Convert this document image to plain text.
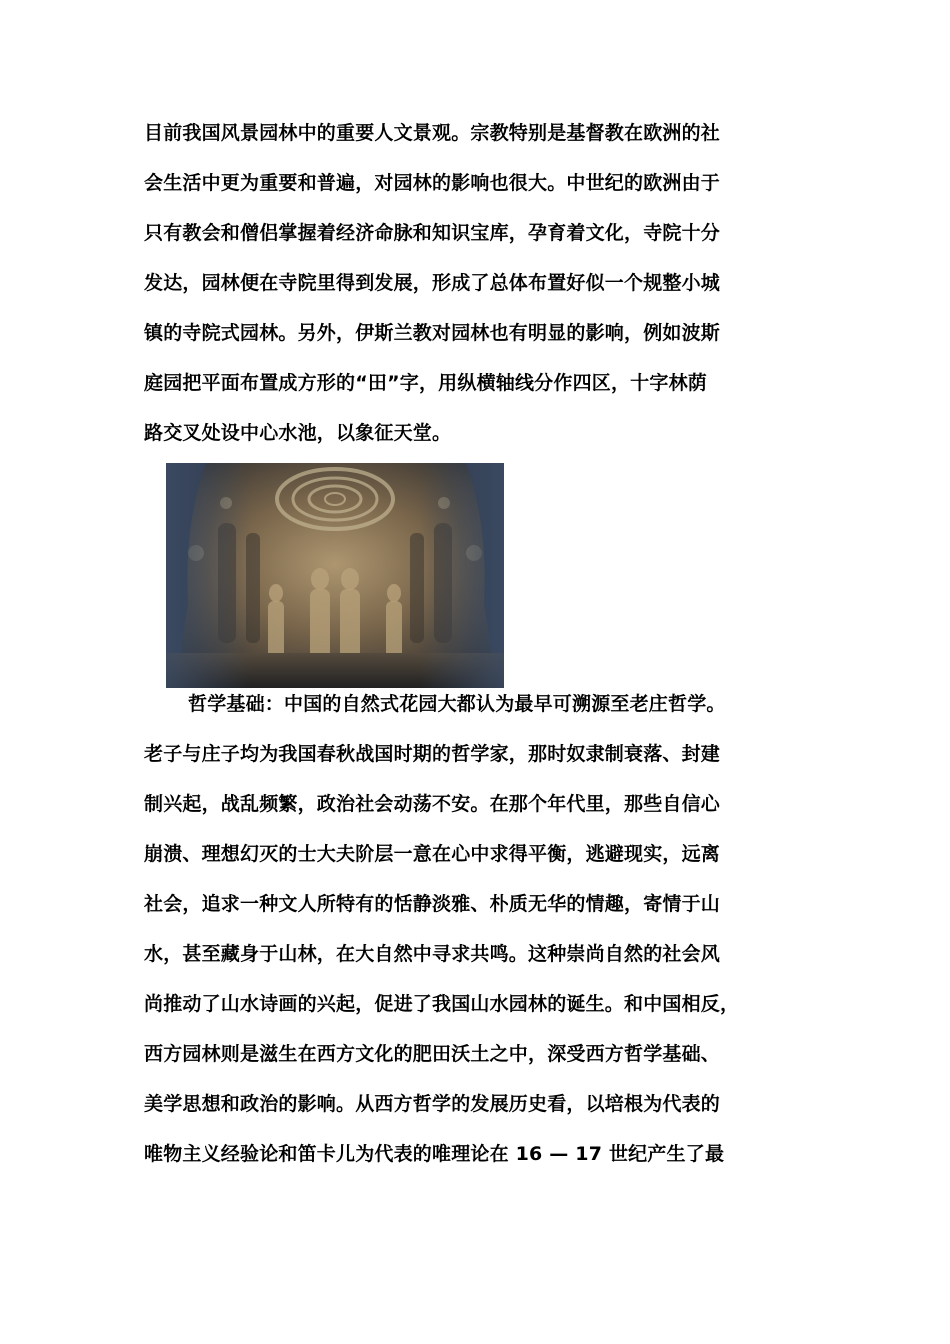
目前我国风景园林中的重要人文景观。宗教特别是基督教在欧洲的社
会生活中更为重要和普遍，对园林的影响也很大。中世纪的欧洲由于
只有教会和僧侣掌握着经济命脉和知识宝库，孕育着文化，寺院十分
发达，园林便在寺院里得到发展，形成了总体布置好似一个规整小城
镇的寺院式园林。另外，伊斯兰教对园林也有明显的影响，例如波斯
庭园把平面布置成方形的“田”字，用纵横轴线分作四区，十字林荫
路交叉处设中心水池，以象征天堂。
哲学基础：中国的自然式花园大都认为最早可溯源至老庄哲学。
老子与庄子均为我国春秋战国时期的哲学家，那时奴隶制衰落、封建
制兴起，战乱频繁，政治社会动荡不安。在那个年代里，那些自信心
崩溃、理想幻灭的士大夫阶层一意在心中求得平衡，逃避现实，远离
社会，追求一种文人所特有的恬静淡雅、朴质无华的情趣，寄情于山
水，甚至藏身于山林，在大自然中寻求共鸣。这种崇尚自然的社会风
尚推动了山水诗画的兴起，促进了我国山水园林的诞生。和中国相反，
西方园林则是滋生在西方文化的肥田沃土之中，深受西方哲学基础、
美学思想和政治的影响。从西方哲学的发展历史看，以培根为代表的
唯物主义经验论和笛卡儿为代表的唯理论在 16 — 17 世纪产生了最
